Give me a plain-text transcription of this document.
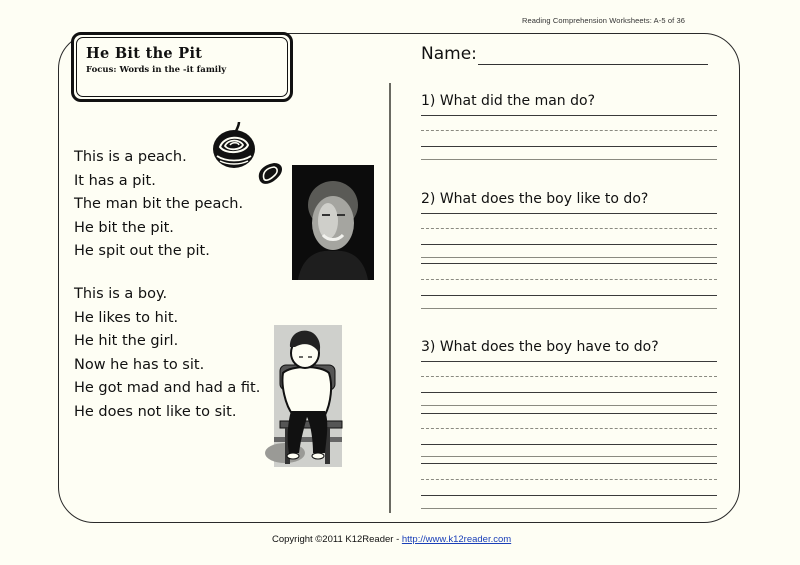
Reading Comprehension Worksheets: A-5 of 36
He Bit the Pit
Focus: Words in the -it family
This is a peach.
It has a pit.
The man bit the peach.
He bit the pit.
He spit out the pit.
This is a boy.
He likes to hit.
He hit the girl.
Now he has to sit.
He got mad and had a fit.
He does not like to sit.
Name:
1) What did the man do?
2) What does the boy like to do?
3) What does the boy have to do?
Copyright ©2011 K12Reader - http://www.k12reader.com
